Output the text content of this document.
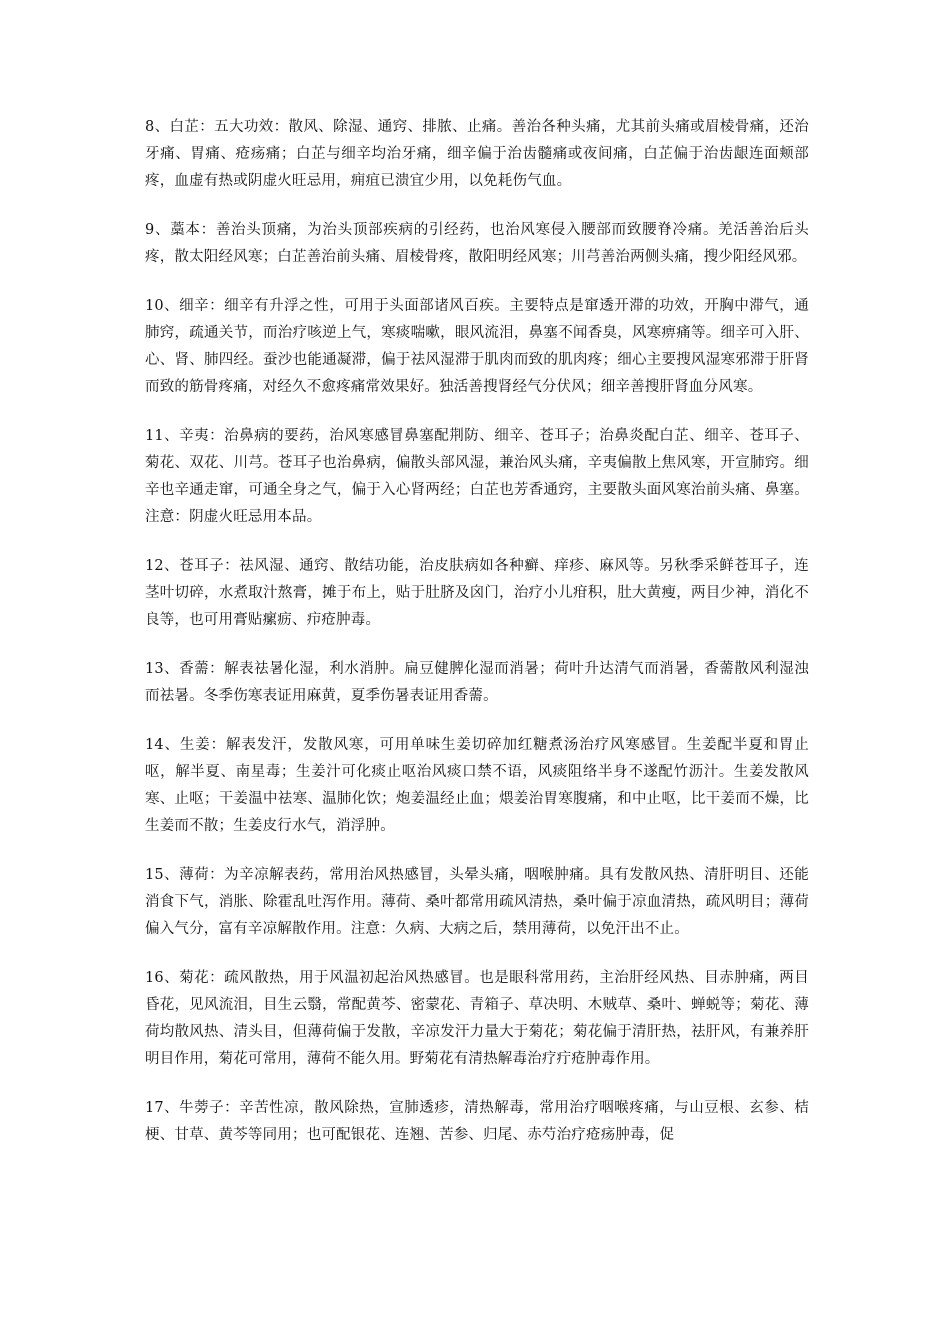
8、白芷：五大功效：散风、除湿、通窍、排脓、止痛。善治各种头痛，尤其前头痛或眉棱骨痛，还治牙痛、胃痛、疮疡痛；白芷与细辛均治牙痛，细辛偏于治齿髓痛或夜间痛，白芷偏于治齿龈连面颊部疼，血虚有热或阴虚火旺忌用，痈疽已溃宜少用，以免耗伤气血。

9、藁本：善治头顶痛，为治头顶部疾病的引经药，也治风寒侵入腰部而致腰脊冷痛。羌活善治后头疼，散太阳经风寒；白芷善治前头痛、眉棱骨疼，散阳明经风寒；川芎善治两侧头痛，搜少阳经风邪。

10、细辛：细辛有升浮之性，可用于头面部诸风百疾。主要特点是窜透开滞的功效，开胸中滞气，通肺窍，疏通关节，而治疗咳逆上气，寒痰喘嗽，眼风流泪，鼻塞不闻香臭，风寒痹痛等。细辛可入肝、心、肾、肺四经。蚕沙也能通凝滞，偏于祛风湿滞于肌肉而致的肌肉疼；细心主要搜风湿寒邪滞于肝肾而致的筋骨疼痛，对经久不愈疼痛常效果好。独活善搜肾经气分伏风；细辛善搜肝肾血分风寒。

11、辛夷：治鼻病的要药，治风寒感冒鼻塞配荆防、细辛、苍耳子；治鼻炎配白芷、细辛、苍耳子、菊花、双花、川芎。苍耳子也治鼻病，偏散头部风湿，兼治风头痛，辛夷偏散上焦风寒，开宣肺窍。细辛也辛通走窜，可通全身之气，偏于入心肾两经；白芷也芳香通窍，主要散头面风寒治前头痛、鼻塞。注意：阴虚火旺忌用本品。

12、苍耳子：祛风湿、通窍、散结功能，治皮肤病如各种癣、痒疹、麻风等。另秋季采鲜苍耳子，连茎叶切碎，水煮取汁熬膏，摊于布上，贴于肚脐及囟门，治疗小儿疳积，肚大黄瘦，两目少神，消化不良等，也可用膏贴瘰疬、疖疮肿毒。

13、香薷：解表祛暑化湿，利水消肿。扁豆健脾化湿而消暑；荷叶升达清气而消暑，香薷散风利湿浊而祛暑。冬季伤寒表证用麻黄，夏季伤暑表证用香薷。

14、生姜：解表发汗，发散风寒，可用单味生姜切碎加红糖煮汤治疗风寒感冒。生姜配半夏和胃止呕，解半夏、南星毒；生姜汁可化痰止呕治风痰口禁不语，风痰阻络半身不遂配竹沥汁。生姜发散风寒、止呕；干姜温中祛寒、温肺化饮；炮姜温经止血；煨姜治胃寒腹痛，和中止呕，比干姜而不燥，比生姜而不散；生姜皮行水气，消浮肿。

15、薄荷：为辛凉解表药，常用治风热感冒，头晕头痛，咽喉肿痛。具有发散风热、清肝明目、还能消食下气，消胀、除霍乱吐泻作用。薄荷、桑叶都常用疏风清热，桑叶偏于凉血清热，疏风明目；薄荷偏入气分，富有辛凉解散作用。注意：久病、大病之后，禁用薄荷，以免汗出不止。

16、菊花：疏风散热，用于风温初起治风热感冒。也是眼科常用药，主治肝经风热、目赤肿痛，两目昏花，见风流泪，目生云翳，常配黄芩、密蒙花、青箱子、草决明、木贼草、桑叶、蝉蜕等；菊花、薄荷均散风热、清头目，但薄荷偏于发散，辛凉发汗力量大于菊花；菊花偏于清肝热，祛肝风，有兼养肝明目作用，菊花可常用，薄荷不能久用。野菊花有清热解毒治疗疔疮肿毒作用。

17、牛蒡子：辛苦性凉，散风除热，宣肺透疹，清热解毒，常用治疗咽喉疼痛，与山豆根、玄参、桔梗、甘草、黄芩等同用；也可配银花、连翘、苦参、归尾、赤芍治疗疮疡肿毒，促
